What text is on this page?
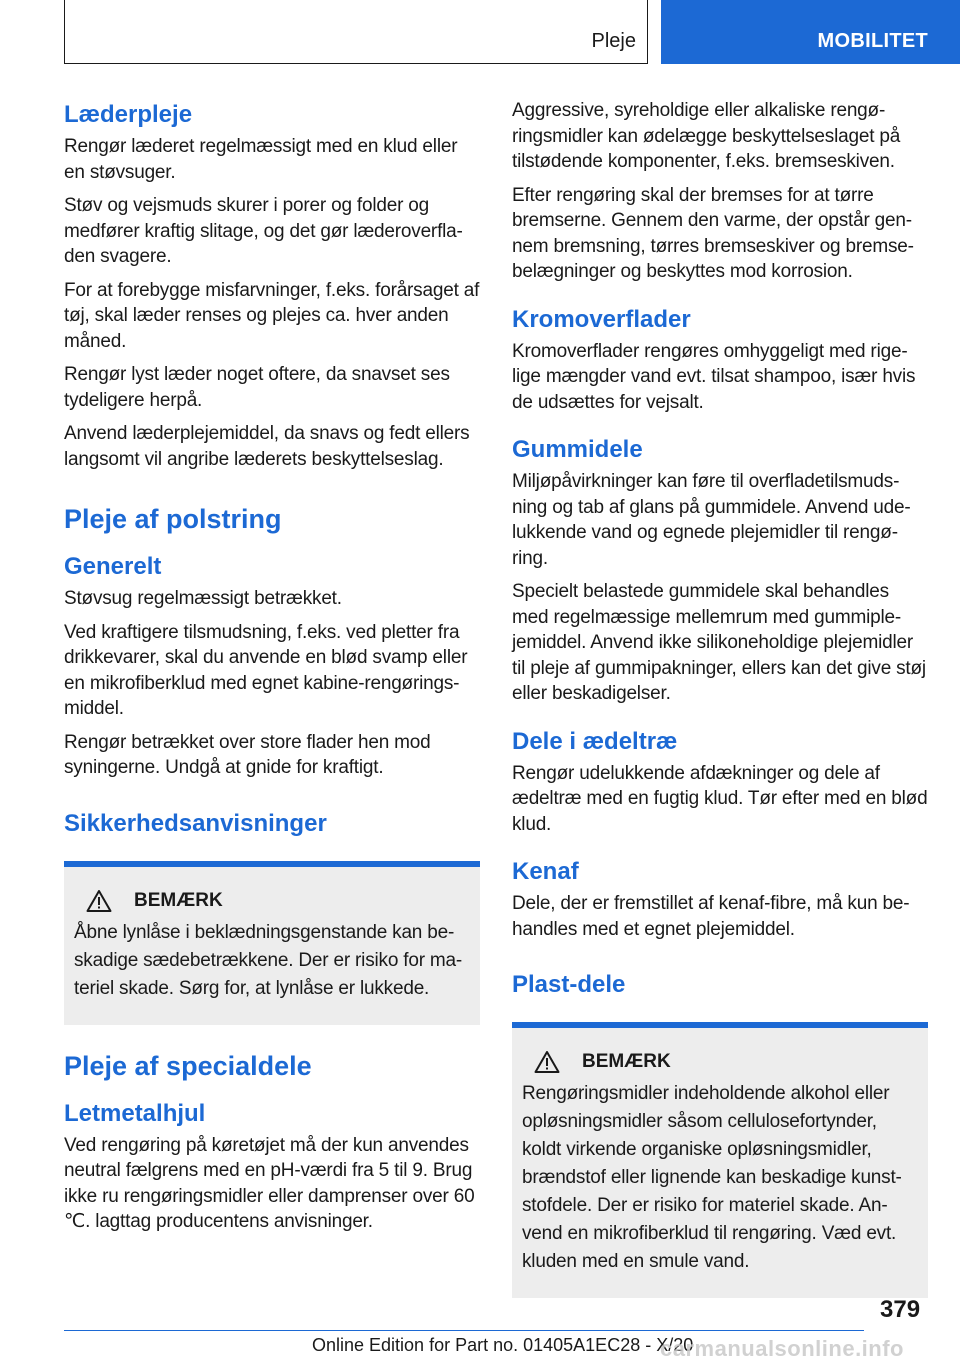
Pleje	MOBILITET
Læderpleje

Rengør læderet regelmæssigt med en klud eller en støvsuger.

Støv og vejsmuds skurer i porer og folder og medfører kraftig slitage, og det gør læderoverfla-den svagere.

For at forebygge misfarvninger, f.eks. forårsaget af tøj, skal læder renses og plejes ca. hver anden måned.

Rengør lyst læder noget oftere, da snavset ses tydeligere herpå.

Anvend læderplejemiddel, da snavs og fedt ellers langsomt vil angribe læderets beskyttelseslag.

Pleje af polstring
Generelt

Støvsug regelmæssigt betrækket.

Ved kraftigere tilsmudsning, f.eks. ved pletter fra drikkevarer, skal du anvende en blød svamp eller en mikrofiberklud med egnet kabine-rengørings-middel.

Rengør betrækket over store flader hen mod syningerne. Undgå at gnide for kraftigt.

Sikkerhedsanvisninger
BEMÆRK

Åbne lynlåse i beklædningsgenstande kan be-skadige sædebetrækkene. Der er risiko for ma-teriel skade. Sørg for, at lynlåse er lukkede.

Pleje af specialdele
Letmetalhjul

Ved rengøring på køretøjet må der kun anvendes neutral fælgrens med en pH-værdi fra 5 til 9. Brug ikke ru rengøringsmidler eller damprenser over 60 ℃. lagttag producentens anvisninger.

Aggressive, syreholdige eller alkaliske rengø-ringsmidler kan ødelægge beskyttelseslaget på tilstødende komponenter, f.eks. bremseskiven.

Efter rengøring skal der bremses for at tørre bremserne. Gennem den varme, der opstår gen-nem bremsning, tørres bremseskiver og bremse-belægninger og beskyttes mod korrosion.

Kromoverflader

Kromoverflader rengøres omhyggeligt med rige-lige mængder vand evt. tilsat shampoo, især hvis de udsættes for vejsalt.

Gummidele

Miljøpåvirkninger kan føre til overfladetilsmuds-ning og tab af glans på gummidele. Anvend ude-lukkende vand og egnede plejemidler til rengø-ring.

Specielt belastede gummidele skal behandles med regelmæssige mellemrum med gummiple-jemiddel. Anvend ikke silikoneholdige plejemidler til pleje af gummipakninger, ellers kan det give støj eller beskadigelser.

Dele i ædeltræ

Rengør udelukkende afdækninger og dele af ædeltræ med en fugtig klud. Tør efter med en blød klud.

Kenaf

Dele, der er fremstillet af kenaf-fibre, må kun be-handles med et egnet plejemiddel.

Plast-dele
BEMÆRK

Rengøringsmidler indeholdende alkohol eller opløsningsmidler såsom cellulosefortynder, koldt virkende organiske opløsningsmidler, brændstof eller lignende kan beskadige kunst-stofdele. Der er risiko for materiel skade. An-vend en mikrofiberklud til rengøring. Væd evt. kluden med en smule vand.

379
Online Edition for Part no. 01405A1EC28 - X/20
carmanualsonline.info
